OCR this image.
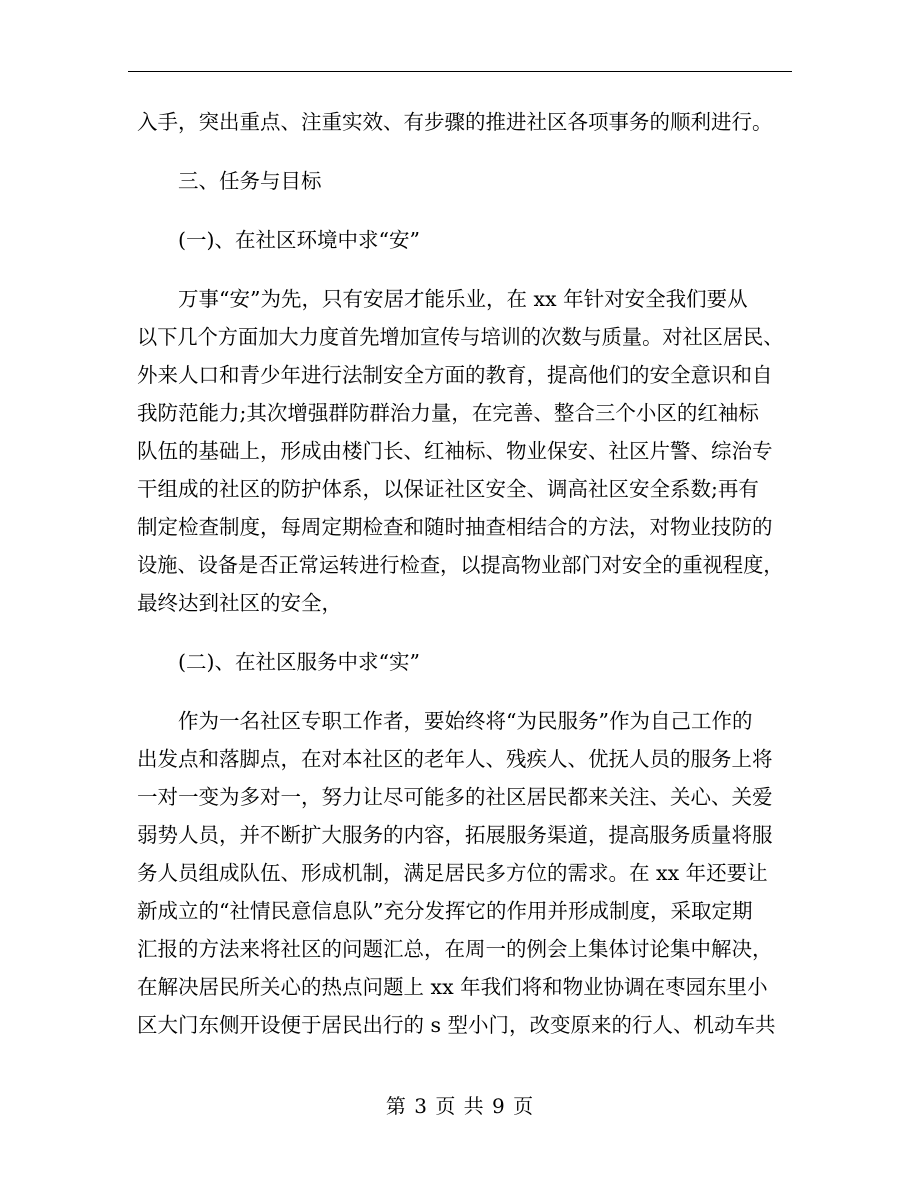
入手，突出重点、注重实效、有步骤的推进社区各项事务的顺利进行。
三、任务与目标
(一)、在社区环境中求“安”
万事“安”为先，只有安居才能乐业，在 xx 年针对安全我们要从
以下几个方面加大力度首先增加宣传与培训的次数与质量。对社区居民、
外来人口和青少年进行法制安全方面的教育，提高他们的安全意识和自
我防范能力;其次增强群防群治力量，在完善、整合三个小区的红袖标
队伍的基础上，形成由楼门长、红袖标、物业保安、社区片警、综治专
干组成的社区的防护体系，以保证社区安全、调高社区安全系数;再有
制定检查制度，每周定期检查和随时抽查相结合的方法，对物业技防的
设施、设备是否正常运转进行检查，以提高物业部门对安全的重视程度，
最终达到社区的安全，
(二)、在社区服务中求“实”
作为一名社区专职工作者，要始终将“为民服务”作为自己工作的
出发点和落脚点，在对本社区的老年人、残疾人、优抚人员的服务上将
一对一变为多对一，努力让尽可能多的社区居民都来关注、关心、关爱
弱势人员，并不断扩大服务的内容，拓展服务渠道，提高服务质量将服
务人员组成队伍、形成机制，满足居民多方位的需求。在 xx 年还要让
新成立的“社情民意信息队”充分发挥它的作用并形成制度，采取定期
汇报的方法来将社区的问题汇总，在周一的例会上集体讨论集中解决，
在解决居民所关心的热点问题上 xx 年我们将和物业协调在枣园东里小
区大门东侧开设便于居民出行的 s 型小门，改变原来的行人、机动车共
第 3 页 共 9 页
